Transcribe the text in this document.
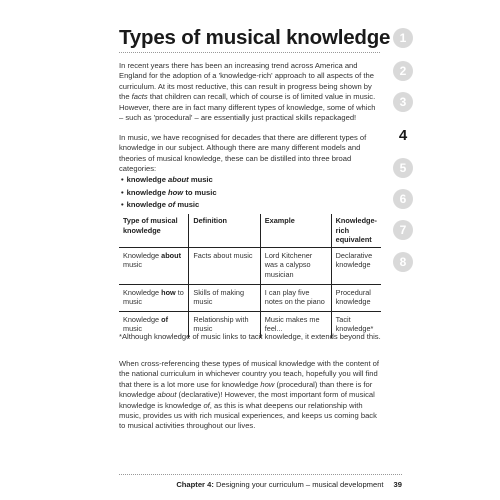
Types of musical knowledge

In recent years there has been an increasing trend across America and England for the adoption of a 'knowledge-rich' approach to all aspects of the curriculum. At its most reductive, this can result in progress being shown by the facts that children can recall, which of course is of limited value in music. However, there are in fact many different types of knowledge, some of which – such as 'procedural' – are essentially just practical skills repackaged!

In music, we have recognised for decades that there are different types of knowledge in our subject. Although there are many different models and theories of musical knowledge, these can be distilled into three broad categories:

• knowledge about music
• knowledge how to music
• knowledge of music
Type of musical knowledge	Definition	Example	Knowledge-rich equivalent
Knowledge about music	Facts about music	Lord Kitchener was a calypso musician	Declarative knowledge
Knowledge how to music	Skills of making music	I can play five notes on the piano	Procedural knowledge
Knowledge of music	Relationship with music	Music makes me feel...	Tacit knowledge*

*Although knowledge of music links to tacit knowledge, it extends beyond this.

When cross-referencing these types of musical knowledge with the content of the national curriculum in whichever country you teach, hopefully you will find that there is a lot more use for knowledge how (procedural) than there is for knowledge about (declarative)! However, the most important form of musical knowledge is knowledge of, as this is what deepens our relationship with music, provides us with rich musical experiences, and keeps us coming back to musical activities throughout our lives.

1
2
3
4
5
6
7
8
Chapter 4: Designing your curriculum – musical development 39
